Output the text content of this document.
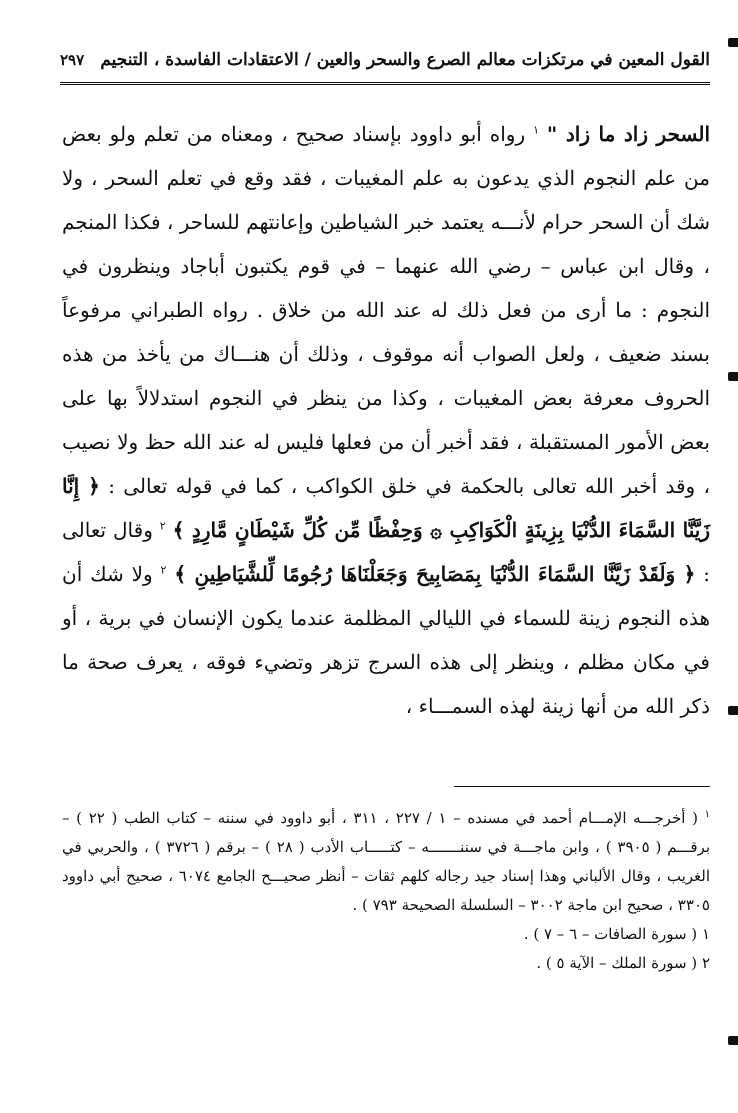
القول المعين في مرتكزات معالم الصرع والسحر والعين / الاعتقادات الفاسدة ، التنجيم
٢٩٧

السحر زاد ما زاد " $^١$ رواه أبو داوود بإسناد صحيح ، ومعناه من تعلم ولو بعض من علم النجوم الذي يدعون به علم المغيبات ، فقد وقع في تعلم السحر ، ولا شك أن السحر حرام لأنـــه يعتمد خبر الشياطين وإعانتهم للساحر ، فكذا المنجم ، وقال ابن عباس – رضي الله عنهما – في قوم يكتبون أباجاد وينظرون في النجوم : ما أرى من فعل ذلك له عند الله من خلاق . رواه الطبراني مرفوعاً بسند ضعيف ، ولعل الصواب أنه موقوف ، وذلك أن هنـــاك من يأخذ من هذه الحروف معرفة بعض المغيبات ، وكذا من ينظر في النجوم استدلالاً بها على بعض الأمور المستقبلة ، فقد أخبر أن من فعلها فليس له عند الله حظ ولا نصيب ، وقد أخبر الله تعالى بالحكمة في خلق الكواكب ، كما في قوله تعالى : ﴿ إِنَّا زَيَّنَّا السَّمَاءَ الدُّنْيَا بِزِينَةٍ الْكَوَاكِبِ ۞ وَحِفْظًا مِّن كُلِّ شَيْطَانٍ مَّارِدٍ ﴾ $^٢$ وقال تعالى : ﴿ وَلَقَدْ زَيَّنَّا السَّمَاءَ الدُّنْيَا بِمَصَابِيحَ وَجَعَلْنَاهَا رُجُومًا لِّلشَّيَاطِينِ ﴾ $^٢$ ولا شك أن هذه النجوم زينة للسماء في الليالي المظلمة عندما يكون الإنسان في برية ، أو في مكان مظلم ، وينظر إلى هذه السرج تزهر وتضيء فوقه ، يعرف صحة ما ذكر الله من أنها زينة لهذه السمـــاء ،

$^١$ ( أخرجـــه الإمـــام أحمد في مسنده – ١ / ٢٢٧ ، ٣١١ ، أبو داوود في سننه – كتاب الطب ( ٢٢ ) – برقـــم ( ٣٩٠٥ ) ، وابن ماجـــة في سننـــــــه – كتـــــاب الأدب ( ٢٨ ) – برقم ( ٣٧٢٦ ) ، والحربي في الغريب ، وقال الألباني وهذا إسناد جيد رجاله كلهم ثقات – أنظر صحيـــح الجامع ٦٠٧٤ ، صحيح أبي داوود ٣٣٠٥ ، صحيح ابن ماجة ٣٠٠٢ – السلسلة الصحيحة ٧٩٣ ) .

١ ( سورة الصافات – ٦ – ٧ ) .

٢ ( سورة الملك – الآية ٥ ) .
